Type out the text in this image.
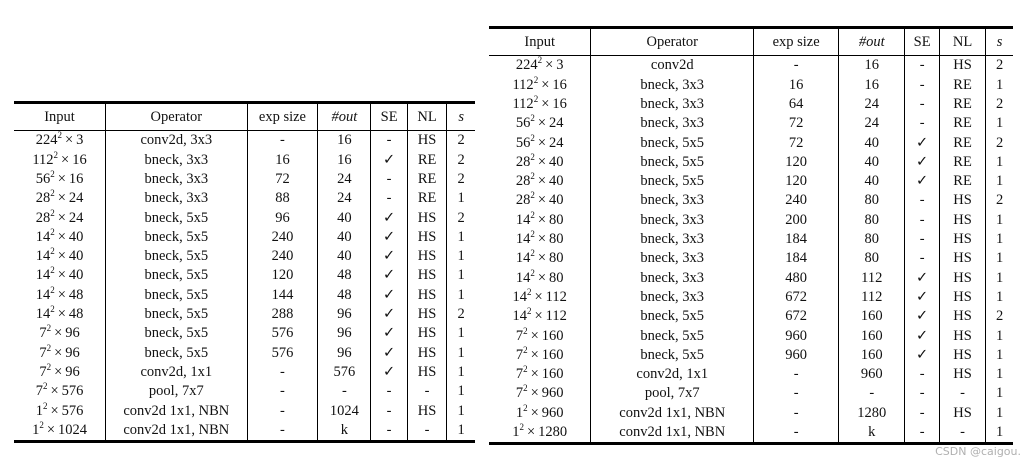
Input	Operator	exp size	#out	SE	NL	s
$224^2 \times 3$	conv2d, 3x3	-	16	-	HS	2
$112^2 \times 16$	bneck, 3x3	16	16	✓	RE	2
$56^2 \times 16$	bneck, 3x3	72	24	-	RE	2
$28^2 \times 24$	bneck, 3x3	88	24	-	RE	1
$28^2 \times 24$	bneck, 5x5	96	40	✓	HS	2
$14^2 \times 40$	bneck, 5x5	240	40	✓	HS	1
$14^2 \times 40$	bneck, 5x5	240	40	✓	HS	1
$14^2 \times 40$	bneck, 5x5	120	48	✓	HS	1
$14^2 \times 48$	bneck, 5x5	144	48	✓	HS	1
$14^2 \times 48$	bneck, 5x5	288	96	✓	HS	2
$7^2 \times 96$	bneck, 5x5	576	96	✓	HS	1
$7^2 \times 96$	bneck, 5x5	576	96	✓	HS	1
$7^2 \times 96$	conv2d, 1x1	-	576	✓	HS	1
$7^2 \times 576$	pool, 7x7	-	-	-	-	1
$1^2 \times 576$	conv2d 1x1, NBN	-	1024	-	HS	1
$1^2 \times 1024$	conv2d 1x1, NBN	-	k	-	-	1
Input	Operator	exp size	#out	SE	NL	s
$224^2 \times 3$	conv2d	-	16	-	HS	2
$112^2 \times 16$	bneck, 3x3	16	16	-	RE	1
$112^2 \times 16$	bneck, 3x3	64	24	-	RE	2
$56^2 \times 24$	bneck, 3x3	72	24	-	RE	1
$56^2 \times 24$	bneck, 5x5	72	40	✓	RE	2
$28^2 \times 40$	bneck, 5x5	120	40	✓	RE	1
$28^2 \times 40$	bneck, 5x5	120	40	✓	RE	1
$28^2 \times 40$	bneck, 3x3	240	80	-	HS	2
$14^2 \times 80$	bneck, 3x3	200	80	-	HS	1
$14^2 \times 80$	bneck, 3x3	184	80	-	HS	1
$14^2 \times 80$	bneck, 3x3	184	80	-	HS	1
$14^2 \times 80$	bneck, 3x3	480	112	✓	HS	1
$14^2 \times 112$	bneck, 3x3	672	112	✓	HS	1
$14^2 \times 112$	bneck, 5x5	672	160	✓	HS	2
$7^2 \times 160$	bneck, 5x5	960	160	✓	HS	1
$7^2 \times 160$	bneck, 5x5	960	160	✓	HS	1
$7^2 \times 160$	conv2d, 1x1	-	960	-	HS	1
$7^2 \times 960$	pool, 7x7	-	-	-	-	1
$1^2 \times 960$	conv2d 1x1, NBN	-	1280	-	HS	1
$1^2 \times 1280$	conv2d 1x1, NBN	-	k	-	-	1
CSDN @caigou.
